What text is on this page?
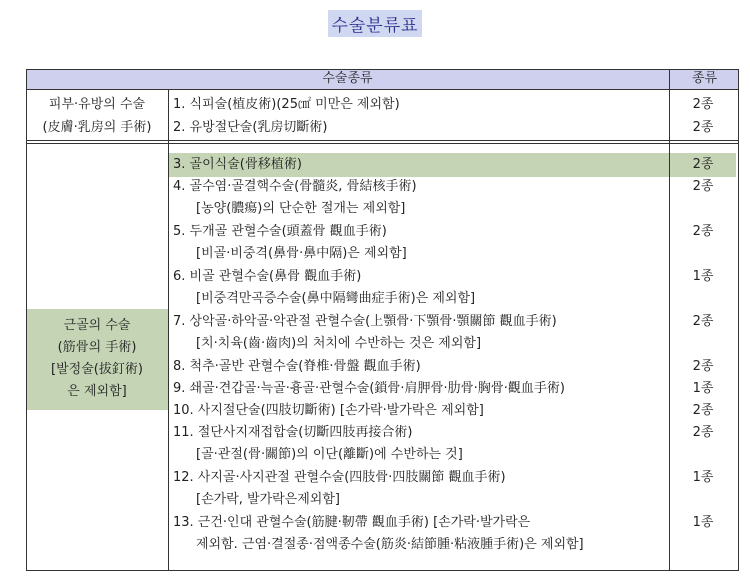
수술분류표
수술종류	종류
피부·유방의 수술
(皮膚·乳房의 手術)
1. 식피술(植皮術)(25㎠ 미만은 제외함)	2종
2. 유방절단술(乳房切斷術)	2종
근골의 수술
(筋骨의 手術)
[발정술(拔釘術)
은 제외함]
3. 골이식술(骨移植術)	2종
4. 골수염·골결핵수술(骨髓炎, 骨結核手術)	2종
[농양(膿瘍)의 단순한 절개는 제외함]
5. 두개골 관혈수술(頭蓋骨 觀血手術)	2종
[비골·비중격(鼻骨·鼻中隔)은 제외함]
6. 비골 관혈수술(鼻骨 觀血手術)	1종
[비중격만곡증수술(鼻中隔彎曲症手術)은 제외함]
7. 상악골·하악골·악관절 관혈수술(上顎骨·下顎骨·顎關節 觀血手術)	2종
[치·치육(齒·齒肉)의 처치에 수반하는 것은 제외함]
8. 척추·골반 관혈수술(脊椎·骨盤 觀血手術)	2종
9. 쇄골·견갑골·늑골·흉골·관혈수술(鎖骨·肩胛骨·肋骨·胸骨·觀血手術)	1종
10. 사지절단술(四肢切斷術) [손가락·발가락은 제외함]	2종
11. 절단사지재접합술(切斷四肢再接合術)	2종
[골·관절(骨·關節)의 이단(離斷)에 수반하는 것]
12. 사지골·사지관절 관혈수술(四肢骨·四肢關節 觀血手術)	1종
[손가락, 발가락은제외함]
13. 근건·인대 관혈수술(筋腱·靭帶 觀血手術) [손가락·발가락은	1종
제외함. 근염·결절종·점액종수술(筋炎·結節腫·粘液腫手術)은 제외함]
